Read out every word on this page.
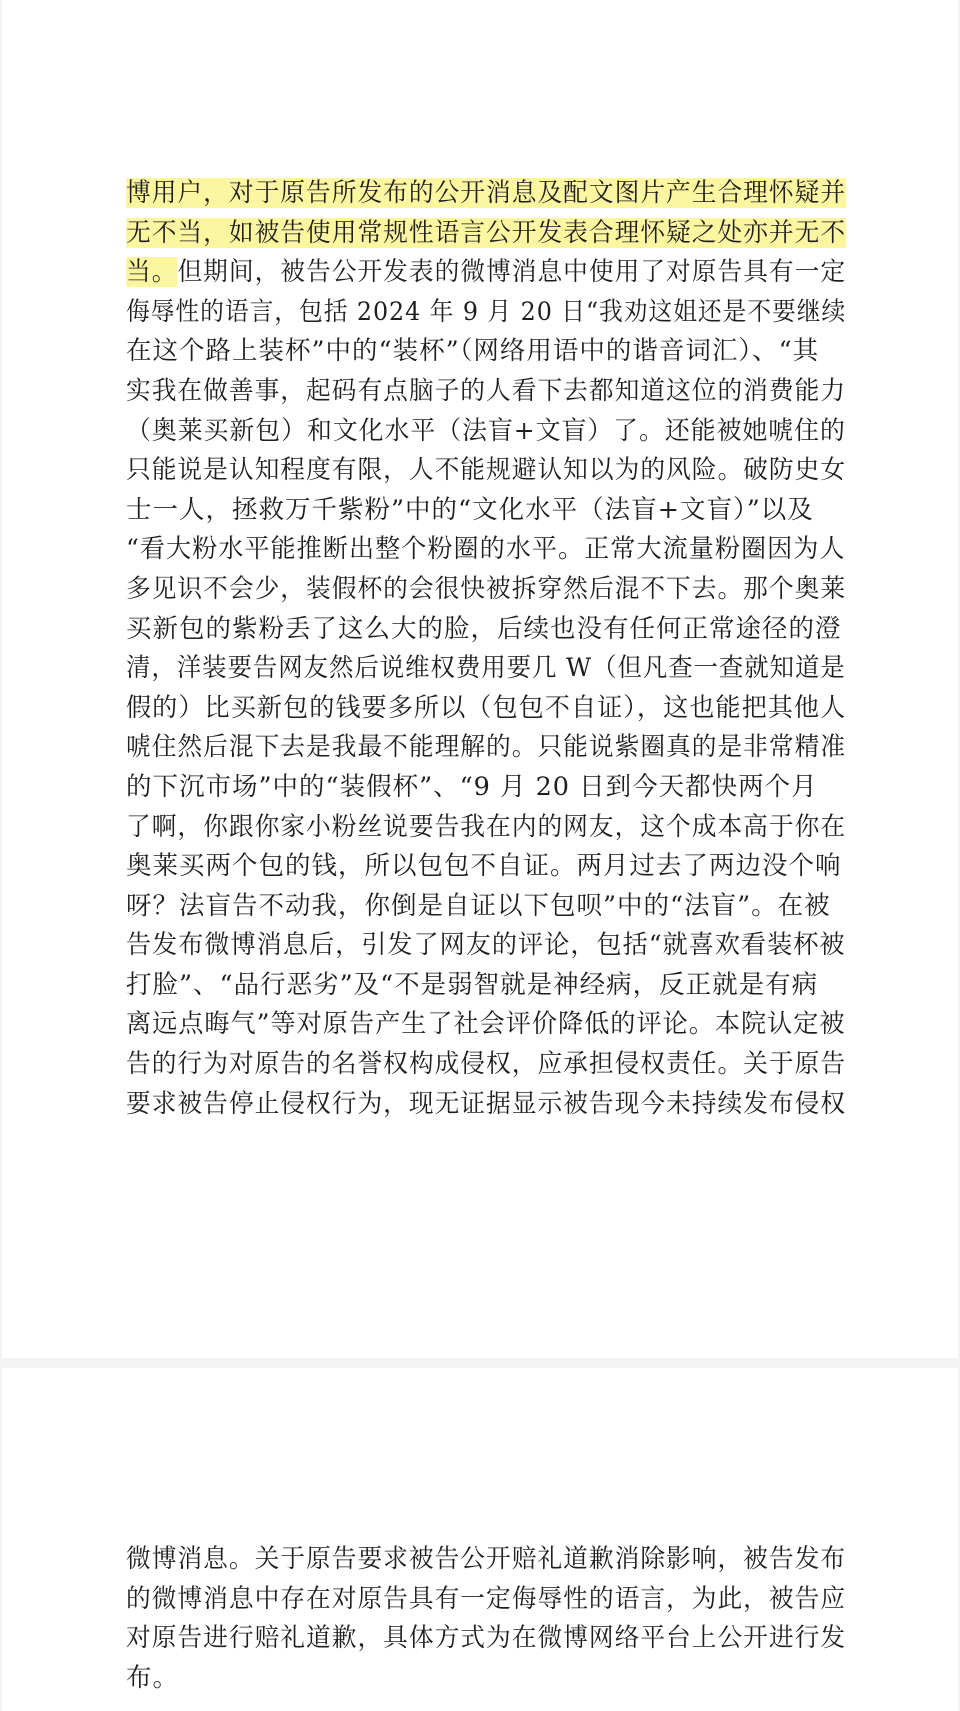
博用户，对于原告所发布的公开消息及配文图片产生合理怀疑并
无不当，如被告使用常规性语言公开发表合理怀疑之处亦并无不
当。但期间，被告公开发表的微博消息中使用了对原告具有一定
侮辱性的语言，包括 2024 年 9 月 20 日“我劝这姐还是不要继续
在这个路上装杯”中的“装杯”（网络用语中的谐音词汇）、“其
实我在做善事，起码有点脑子的人看下去都知道这位的消费能力
（奥莱买新包）和文化水平（法盲+文盲）了。还能被她唬住的
只能说是认知程度有限，人不能规避认知以为的风险。破防史女
士一人，拯救万千紫粉”中的“文化水平（法盲+文盲）”以及
“看大粉水平能推断出整个粉圈的水平。正常大流量粉圈因为人
多见识不会少，装假杯的会很快被拆穿然后混不下去。那个奥莱
买新包的紫粉丢了这么大的脸，后续也没有任何正常途径的澄
清，洋装要告网友然后说维权费用要几 W（但凡查一查就知道是
假的）比买新包的钱要多所以（包包不自证），这也能把其他人
唬住然后混下去是我最不能理解的。只能说紫圈真的是非常精准
的下沉市场”中的“装假杯”、“9 月 20 日到今天都快两个月
了啊，你跟你家小粉丝说要告我在内的网友，这个成本高于你在
奥莱买两个包的钱，所以包包不自证。两月过去了两边没个响
呀？法盲告不动我，你倒是自证以下包呗”中的“法盲”。在被
告发布微博消息后，引发了网友的评论，包括“就喜欢看装杯被
打脸”、“品行恶劣”及“不是弱智就是神经病，反正就是有病
离远点晦气”等对原告产生了社会评价降低的评论。本院认定被
告的行为对原告的名誉权构成侵权，应承担侵权责任。关于原告
要求被告停止侵权行为，现无证据显示被告现今未持续发布侵权
微博消息。关于原告要求被告公开赔礼道歉消除影响，被告发布
的微博消息中存在对原告具有一定侮辱性的语言，为此，被告应
对原告进行赔礼道歉，具体方式为在微博网络平台上公开进行发
布。
